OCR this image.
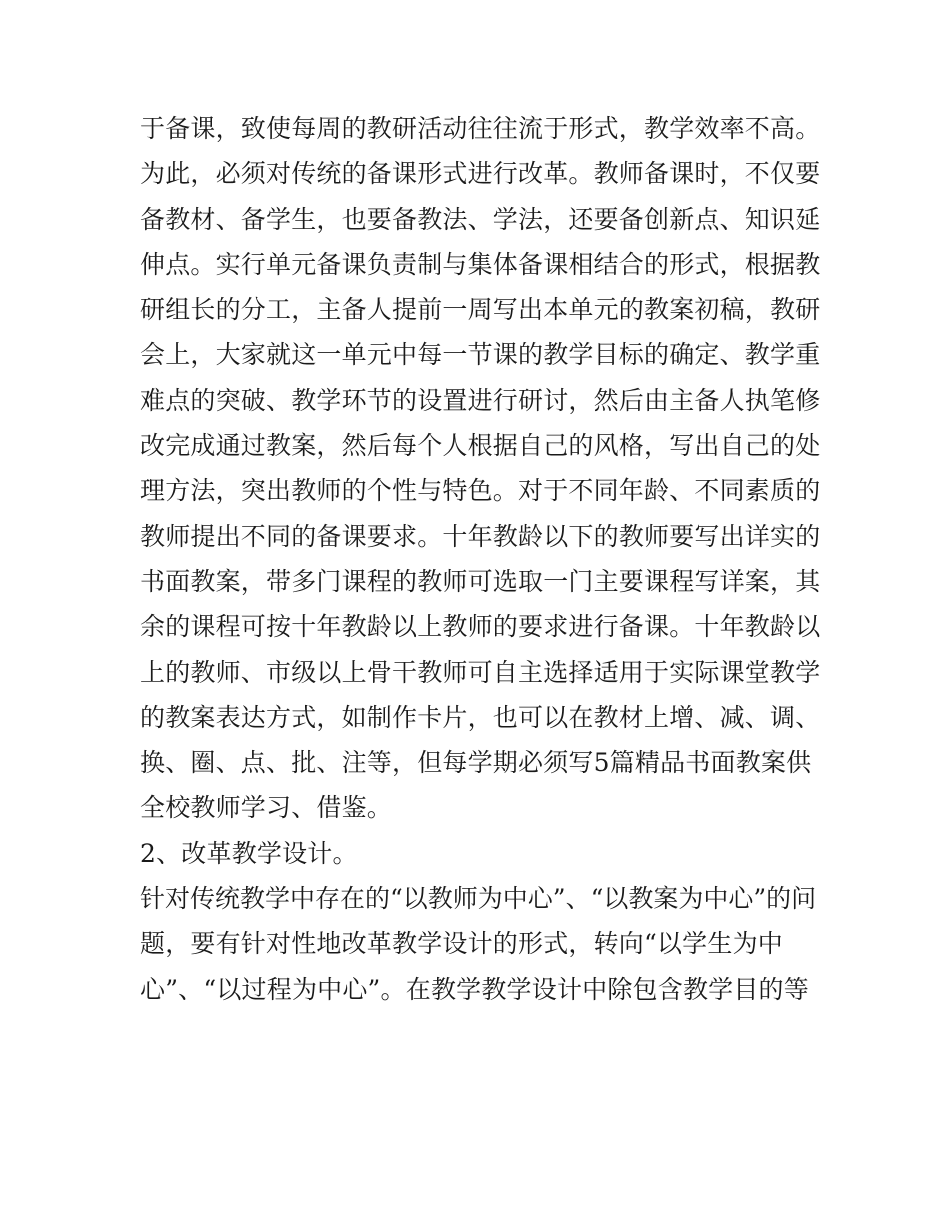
于备课，致使每周的教研活动往往流于形式，教学效率不高。
为此，必须对传统的备课形式进行改革。教师备课时，不仅要
备教材、备学生，也要备教法、学法，还要备创新点、知识延
伸点。实行单元备课负责制与集体备课相结合的形式，根据教
研组长的分工，主备人提前一周写出本单元的教案初稿，教研
会上，大家就这一单元中每一节课的教学目标的确定、教学重
难点的突破、教学环节的设置进行研讨，然后由主备人执笔修
改完成通过教案，然后每个人根据自己的风格，写出自己的处
理方法，突出教师的个性与特色。对于不同年龄、不同素质的
教师提出不同的备课要求。十年教龄以下的教师要写出详实的
书面教案，带多门课程的教师可选取一门主要课程写详案，其
余的课程可按十年教龄以上教师的要求进行备课。十年教龄以
上的教师、市级以上骨干教师可自主选择适用于实际课堂教学
的教案表达方式，如制作卡片，也可以在教材上增、减、调、
换、圈、点、批、注等，但每学期必须写5篇精品书面教案供
全校教师学习、借鉴。
2、改革教学设计。
针对传统教学中存在的“以教师为中心”、“以教案为中心”的问
题，要有针对性地改革教学设计的形式，转向“以学生为中
心”、“以过程为中心”。在教学教学设计中除包含教学目的等
